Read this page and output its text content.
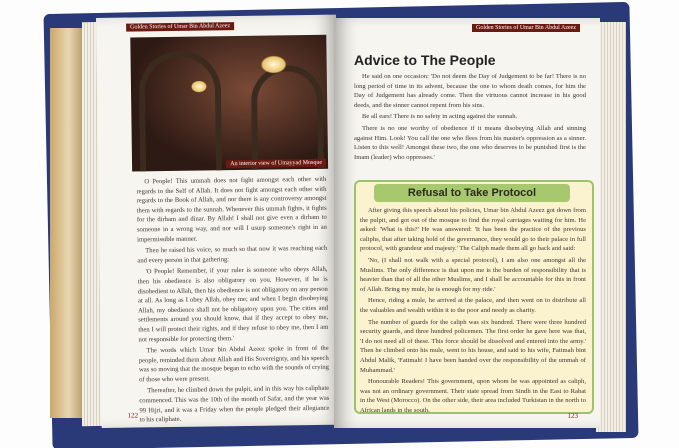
Golden Stories of Umar Bin Abdul Azeez
An interior view of Umayyad Mosque

O People! This ummah does not fight amongst each other with regards to the Self of Allah. It does not fight amongst each other with regards to the Book of Allah, and nor there is any controversy amongst them with regards to the sunnah. Whenever this ummah fights, it fights for the dirham and dinar. By Allah! I shall not give even a dirham to someone in a wrong way, and nor will I usurp someone's right in an impermissible manner.

Then he raised his voice, so much so that now it was reaching each and every person in that gathering:

'O People! Remember, if your ruler is someone who obeys Allah, then his obedience is also obligatory on you. However, if he is disobedient to Allah, then his obedience is not obligatory on any person at all. As long as I obey Allah, obey me; and when I begin disobeying Allah, my obedience shall not be obligatory upon you. The cities and settlements around you should know, that if they accept to obey me, then I will protect their rights, and if they refuse to obey me, then I am not responsible for protecting them.'

The words which Umar bin Abdul Azeez spoke in front of the people, reminded them about Allah and His Sovereignty, and his speech was so moving that the mosque began to echo with the sounds of crying of those who were present.

Thereafter, he climbed down the pulpit, and in this way his caliphate commenced. This was the 10th of the month of Safar, and the year was 99 Hijri, and it was a Friday when the people pledged their allegiance to his caliphate.

122
Golden Stories of Umar Bin Abdul Azeez
Advice to The People

He said on one occasion: 'Do not deem the Day of Judgement to be far! There is no long period of time in its advent, because the one to whom death comes, for him the Day of Judgement has already come. Then the virtuous cannot increase in his good deeds, and the sinner cannot repent from his sins.

Be all ears! There is no safety in acting against the sunnah.

There is no one worthy of obedience if it means disobeying Allah and sinning against Him. Look! You call the one who flees from his master's oppression as a sinner. Listen to this well! Amongst these two, the one who deserves to be punished first is the Imam (leader) who oppresses.'

Refusal to Take Protocol

After giving this speech about his policies, Umar bin Abdul Azeez got down from the pulpit, and got out of the mosque to find the royal carriages waiting for him. He asked: 'What is this?' He was answered: 'It has been the practice of the previous caliphs, that after taking hold of the governance, they would go to their palace in full protocol, with grandeur and majesty.' The Caliph made them all go back and said:

'No, (I shall not walk with a special protocol), I am also one amongst all the Muslims. The only difference is that upon me is the burden of responsibility that is heavier than that of all the other Muslims, and I shall be accountable for this in front of Allah. Bring my mule, he is enough for my ride.'

Hence, riding a mule, he arrived at the palace, and then went on to distribute all the valuables and wealth within it to the poor and needy as charity.

The number of guards for the caliph was six hundred. There were three hundred security guards, and three hundred policemen. The first order he gave here was that, 'I do not need all of these. This force should be dissolved and entered into the army.' Then he climbed onto his mule, went to his house, and said to his wife, Fatimah bint Abdul Malik, 'Fatimah! I have been handed over the responsibility of the ummah of Muhammad.'

Honourable Readers! This government, upon whom he was appointed as caliph, was not an ordinary government. Their state spread from Sindh in the East to Rabat in the West (Morocco). On the other side, their area included Turkistan in the north to African lands in the south.

123
